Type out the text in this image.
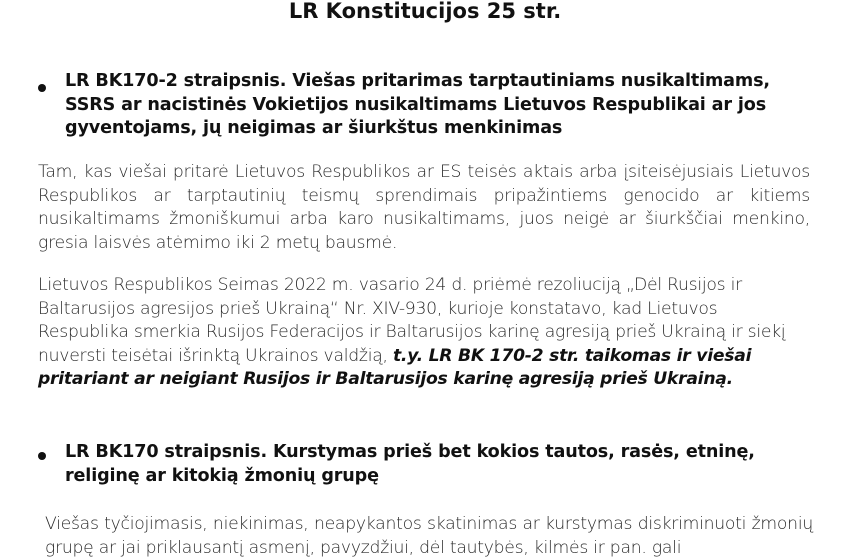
LR Konstitucijos 25 str.

LR BK170-2 straipsnis. Viešas pritarimas tarptautiniams nusikaltimams, SSRS ar nacistinės Vokietijos nusikaltimams Lietuvos Respublikai ar jos gyventojams, jų neigimas ar šiurkštus menkinimas

Tam, kas viešai pritarė Lietuvos Respublikos ar ES teisės aktais arba įsiteisėjusiais Lietuvos Respublikos ar tarptautinių teismų sprendimais pripažintiems genocido ar kitiems nusikaltimams žmoniškumui arba karo nusikaltimams, juos neigė ar šiurkščiai menkino, gresia laisvės atėmimo iki 2 metų bausmė.

Lietuvos Respublikos Seimas 2022 m. vasario 24 d. priėmė rezoliuciją „Dėl Rusijos ir Baltarusijos agresijos prieš Ukrainą“ Nr. XIV-930, kurioje konstatavo, kad Lietuvos Respublika smerkia Rusijos Federacijos ir Baltarusijos karinę agresiją prieš Ukrainą ir siekį nuversti teisėtai išrinktą Ukrainos valdžią, t.y. LR BK 170-2 str. taikomas ir viešai pritariant ar neigiant Rusijos ir Baltarusijos karinę agresiją prieš Ukrainą.

LR BK170 straipsnis. Kurstymas prieš bet kokios tautos, rasės, etninę, religinę ar kitokią žmonių grupę

Viešas tyčiojimasis, niekinimas, neapykantos skatinimas ar kurstymas diskriminuoti žmonių grupę ar jai priklausantį asmenį, pavyzdžiui, dėl tautybės, kilmės ir pan. gali
